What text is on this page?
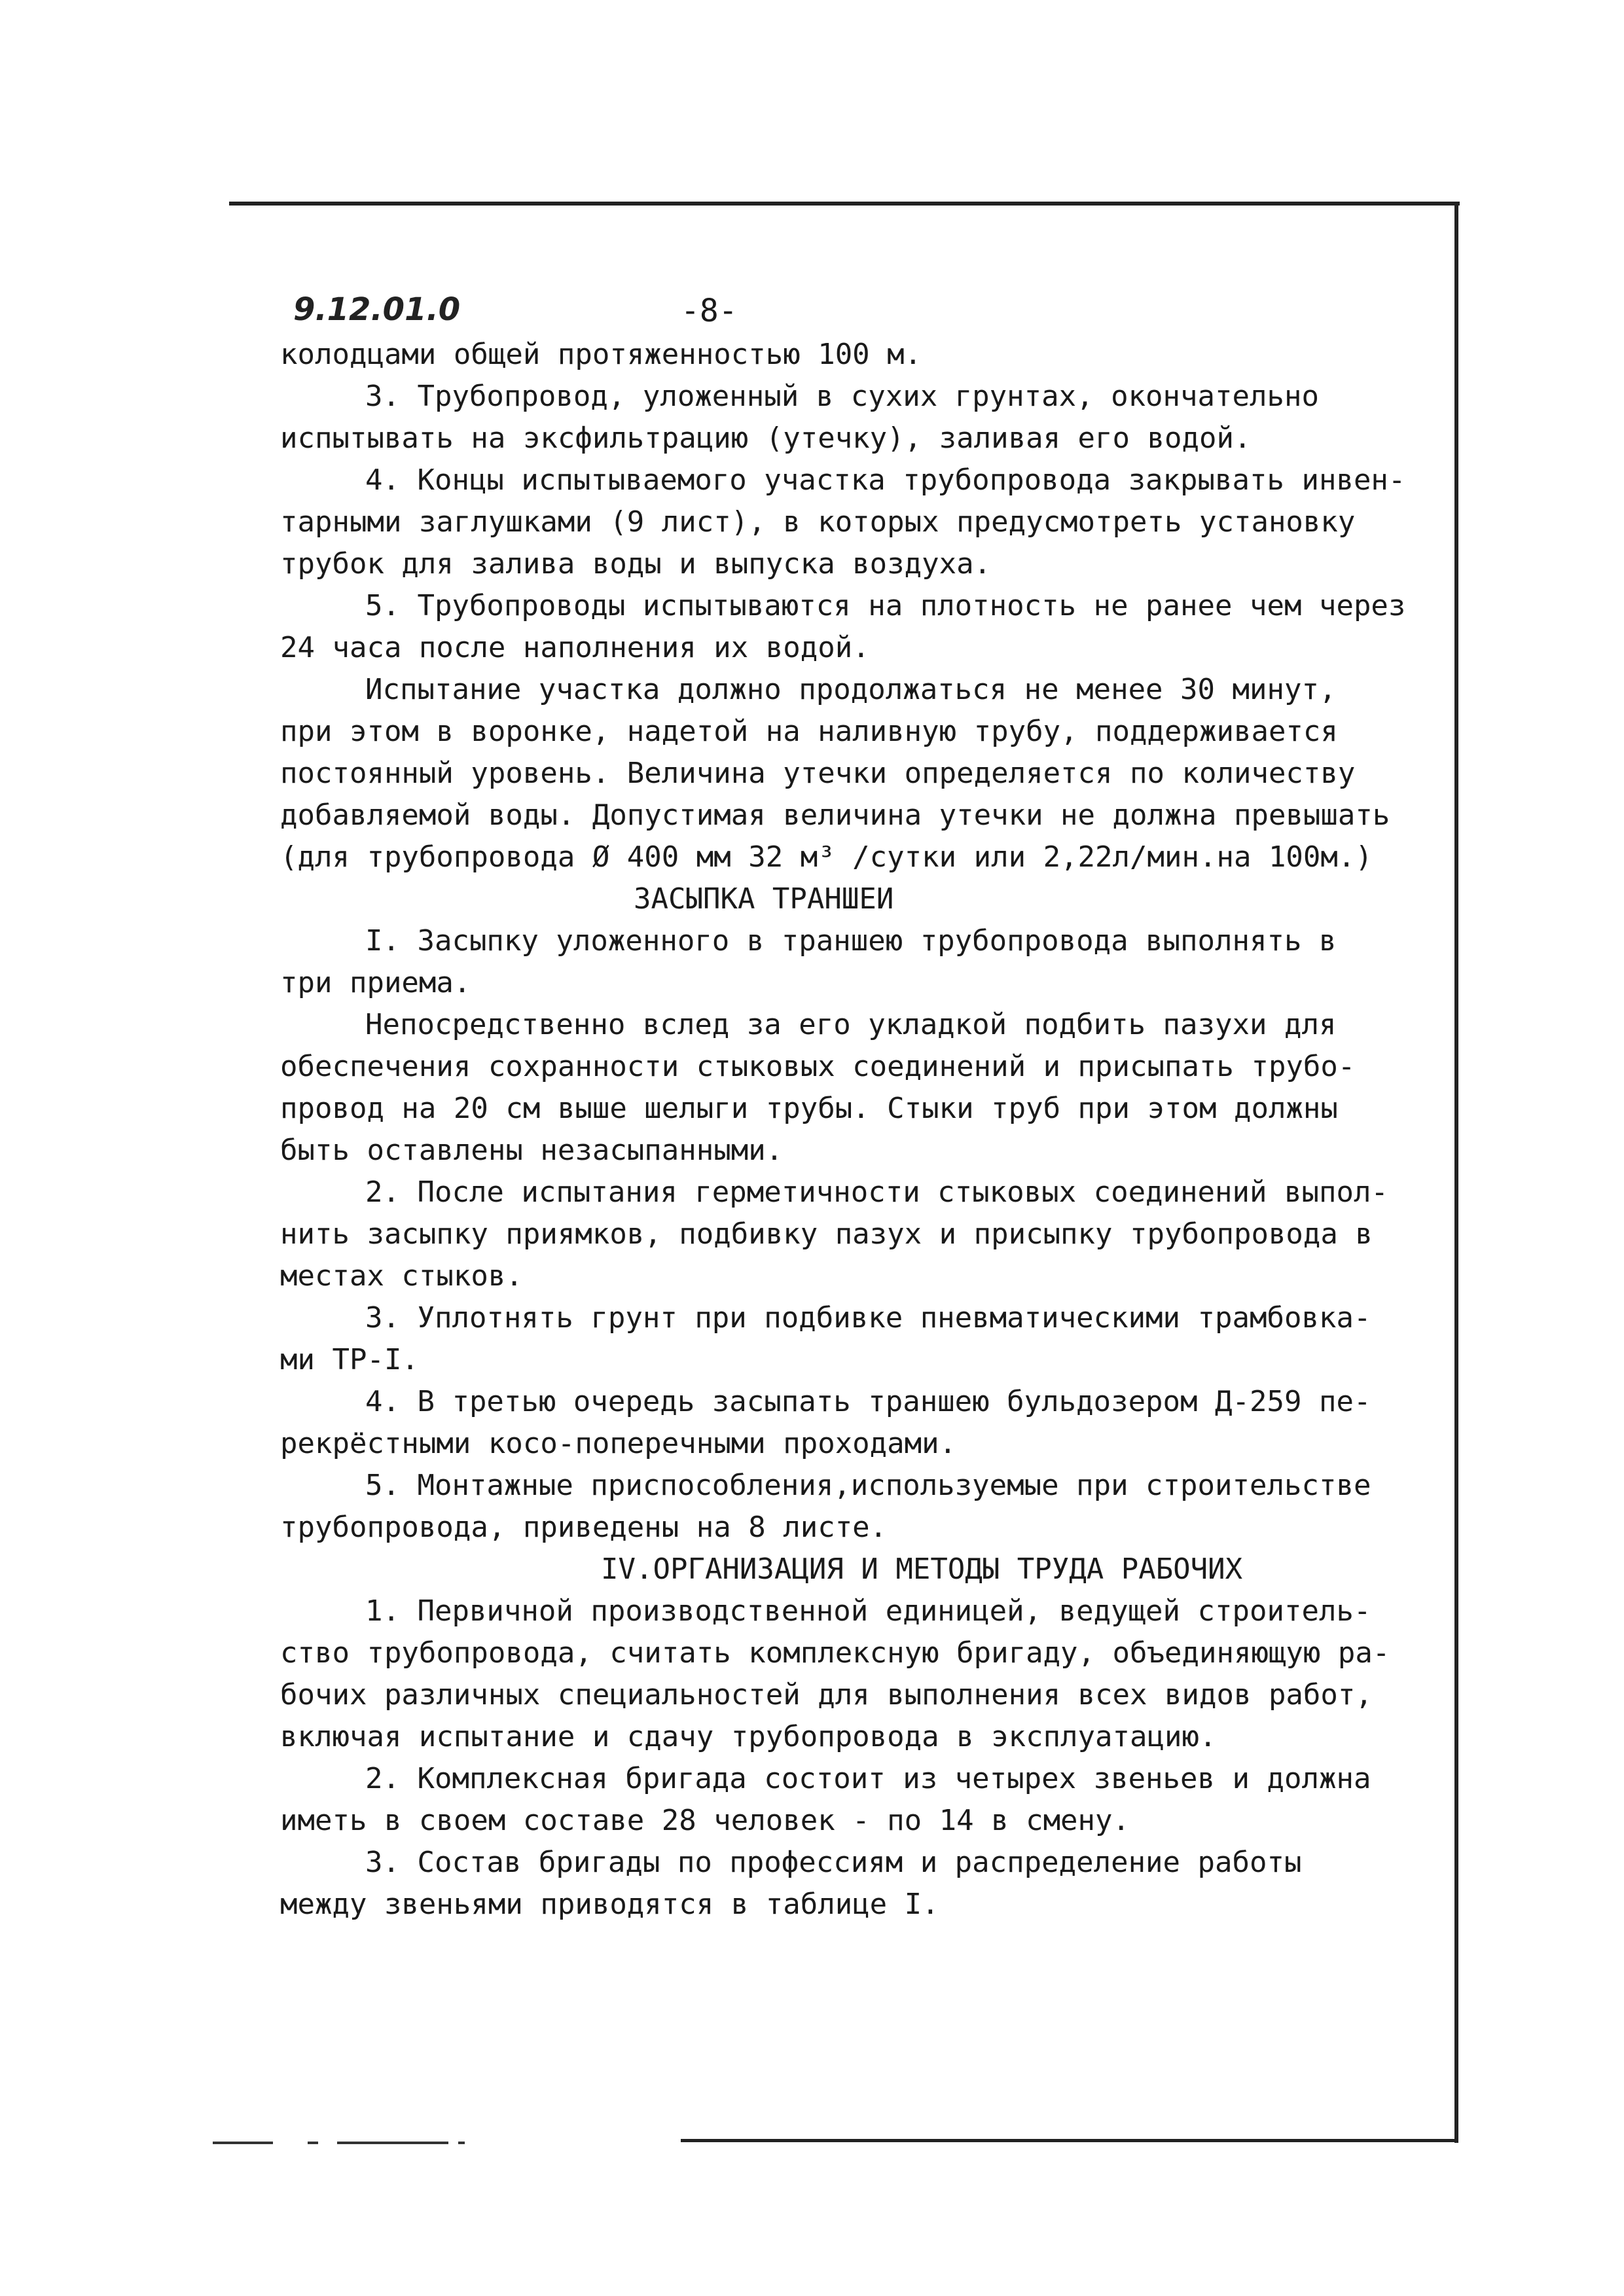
9.12.01.0	-8-
колодцами общей протяженностью 100 м.
3. Трубопровод, уложенный в сухих грунтах, окончательно
испытывать на эксфильтрацию (утечку), заливая его водой.
4. Концы испытываемого участка трубопровода закрывать инвен-
тарными заглушками (9 лист), в которых предусмотреть установку
трубок для залива воды и выпуска воздуха.
5. Трубопроводы испытываются на плотность не ранее чем через
24 часа после наполнения их водой.
Испытание участка должно продолжаться не менее 30 минут,
при этом в воронке, надетой на наливную трубу, поддерживается
постоянный уровень. Величина утечки определяется по количеству
добавляемой воды. Допустимая величина утечки не должна превышать
(для трубопровода Ø 400 мм 32 м³ /сутки или 2,22л/мин.на 100м.)
ЗАСЫПКА ТРАНШЕИ
I. Засыпку уложенного в траншею трубопровода выполнять в
три приема.
Непосредственно вслед за его укладкой подбить пазухи для
обеспечения сохранности стыковых соединений и присыпать трубо-
провод на 20 см выше шелыги трубы. Стыки труб при этом должны
быть оставлены незасыпанными.
2. После испытания герметичности стыковых соединений выпол-
нить засыпку приямков, подбивку пазух и присыпку трубопровода в
местах стыков.
3. Уплотнять грунт при подбивке пневматическими трамбовка-
ми ТР-I.
4. В третью очередь засыпать траншею бульдозером Д-259 пе-
рекрёстными косо-поперечными проходами.
5. Монтажные приспособления,используемые при строительстве
трубопровода, приведены на 8 листе.
IV.ОРГАНИЗАЦИЯ И МЕТОДЫ ТРУДА РАБОЧИХ
1. Первичной производственной единицей, ведущей строитель-
ство трубопровода, считать комплексную бригаду, объединяющую ра-
бочих различных специальностей для выполнения всех видов работ,
включая испытание и сдачу трубопровода в эксплуатацию.
2. Комплексная бригада состоит из четырех звеньев и должна
иметь в своем составе 28 человек - по 14 в смену.
3. Состав бригады по профессиям и распределение работы
между звеньями приводятся в таблице I.
